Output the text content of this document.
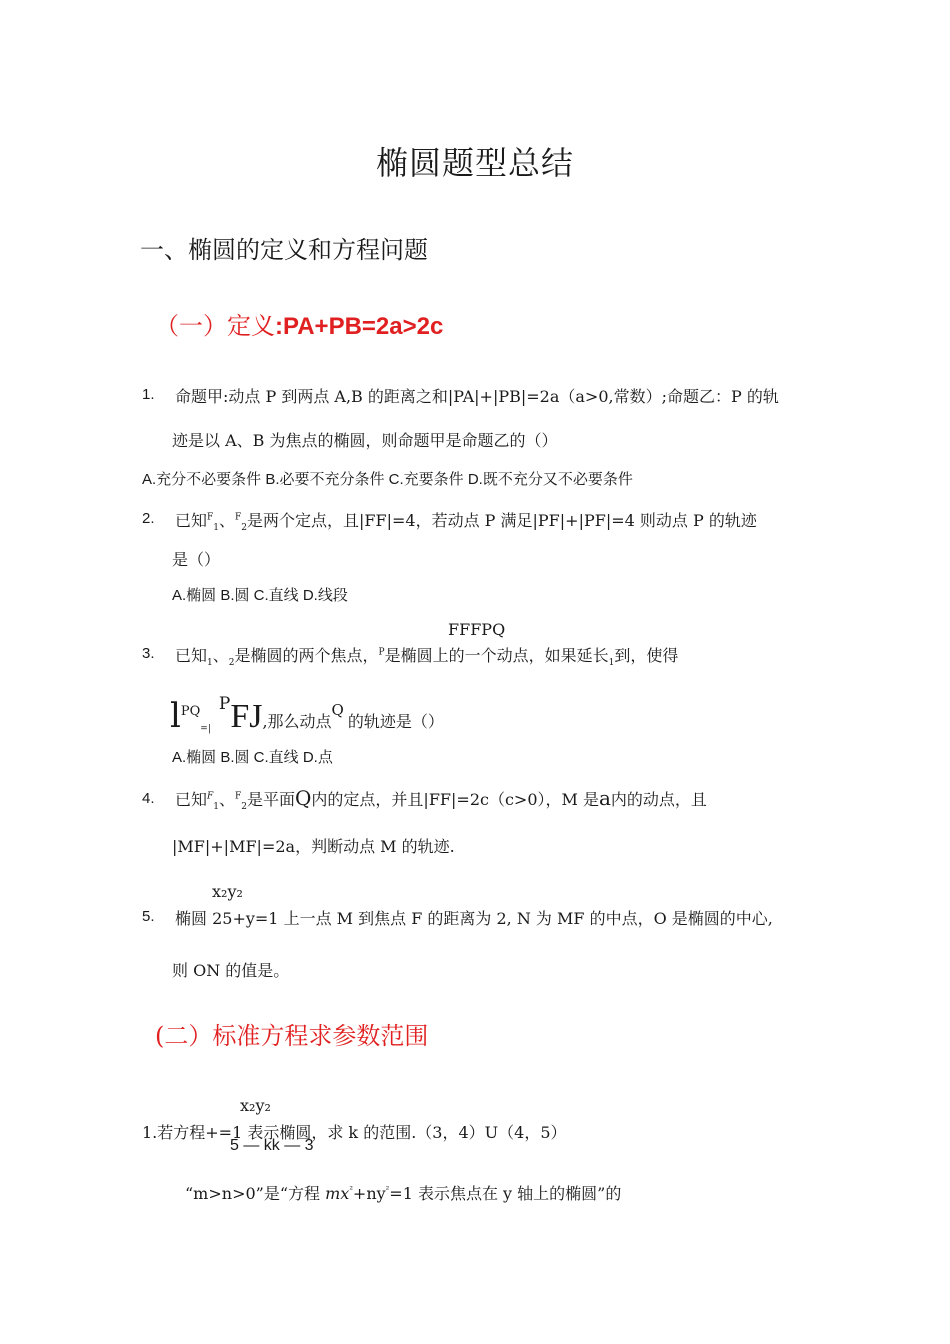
椭圆题型总结
一、椭圆的定义和方程问题
（一）定义:PA+PB=2a>2c
1. 命题甲:动点 P 到两点 A,B 的距离之和|PA|+|PB|=2a（a>0,常数）;命题乙：P 的轨
迹是以 A、B 为焦点的椭圆，则命题甲是命题乙的（）
A.充分不必要条件 B.必要不充分条件 C.充要条件 D.既不充分又不必要条件
2. 已知$^F_1$、$^F_2$是两个定点，且|FF|=4，若动点 P 满足|PF|+|PF|=4 则动点 P 的轨迹
是（）
A.椭圆 B.圆 C.直线 D.线段
FFFPQ
3. 已知$_1$、$_2$是椭圆的两个焦点，$^P$是椭圆上的一个动点，如果延长$_1$到，使得
$l^{PQ}_{=|}^PFJ$,那么动点$^Q$的轨迹是（）
A.椭圆 B.圆 C.直线 D.点
4. 已知$^F_1$、$^F_2$是平面Q内的定点，并且|FF|=2c（c>0），M 是a内的动点，且
|MF|+|MF|=2a，判断动点 M 的轨迹.
x₂y₂
5. 椭圆 25+y=1 上一点 M 到焦点 F 的距离为 2, N 为 MF 的中点，O 是椭圆的中心,
则 ON 的值是。
(二）标准方程求参数范围
x₂y₂
1.若方程+=1 表示椭圆，求 k 的范围.（3，4）U（4，5）
5 — kk — 3
“m>n>0”是“方程 $mx^{^2}+ny^{^2}=1$ 表示焦点在 y 轴上的椭圆”的
